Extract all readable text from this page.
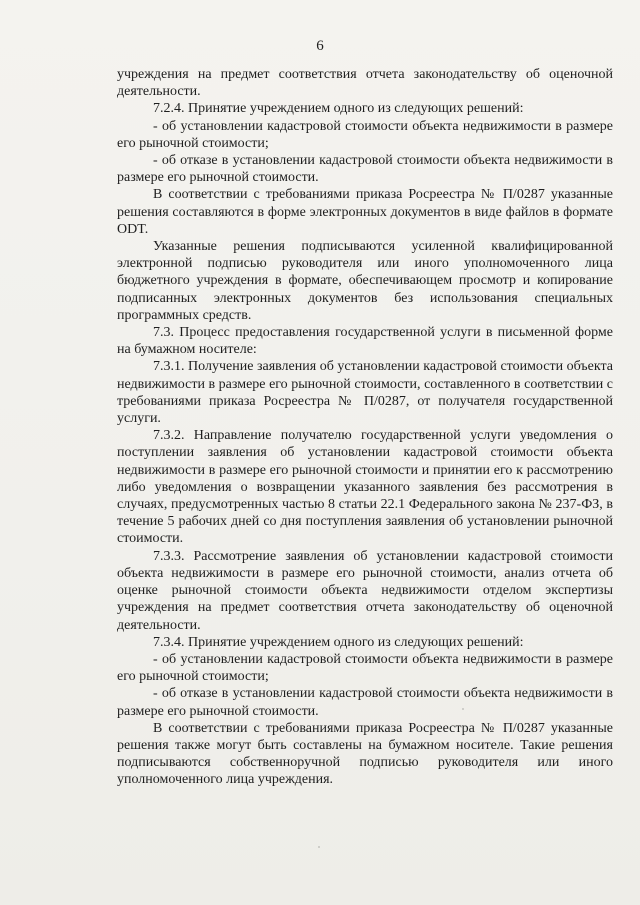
6

учреждения на предмет соответствия отчета законодательству об оценочной деятельности.

7.2.4. Принятие учреждением одного из следующих решений:

- об установлении кадастровой стоимости объекта недвижимости в размере его рыночной стоимости;

- об отказе в установлении кадастровой стоимости объекта недвижимости в размере его рыночной стоимости.

В соответствии с требованиями приказа Росреестра № П/0287 указанные решения составляются в форме электронных документов в виде файлов в формате ODT.

Указанные решения подписываются усиленной квалифицированной электронной подписью руководителя или иного уполномоченного лица бюджетного учреждения в формате, обеспечивающем просмотр и копирование подписанных электронных документов без использования специальных программных средств.

7.3. Процесс предоставления государственной услуги в письменной форме на бумажном носителе:

7.3.1. Получение заявления об установлении кадастровой стоимости объекта недвижимости в размере его рыночной стоимости, составленного в соответствии с требованиями приказа Росреестра № П/0287, от получателя государственной услуги.

7.3.2. Направление получателю государственной услуги уведомления о поступлении заявления об установлении кадастровой стоимости объекта недвижимости в размере его рыночной стоимости и принятии его к рассмотрению либо уведомления о возвращении указанного заявления без рассмотрения в случаях, предусмотренных частью 8 статьи 22.1 Федерального закона № 237-ФЗ, в течение 5 рабочих дней со дня поступления заявления об установлении рыночной стоимости.

7.3.3. Рассмотрение заявления об установлении кадастровой стоимости объекта недвижимости в размере его рыночной стоимости, анализ отчета об оценке рыночной стоимости объекта недвижимости отделом экспертизы учреждения на предмет соответствия отчета законодательству об оценочной деятельности.

7.3.4. Принятие учреждением одного из следующих решений:

- об установлении кадастровой стоимости объекта недвижимости в размере его рыночной стоимости;

- об отказе в установлении кадастровой стоимости объекта недвижимости в размере его рыночной стоимости.

В соответствии с требованиями приказа Росреестра № П/0287 указанные решения также могут быть составлены на бумажном носителе. Такие решения подписываются собственноручной подписью руководителя или иного уполномоченного лица учреждения.
